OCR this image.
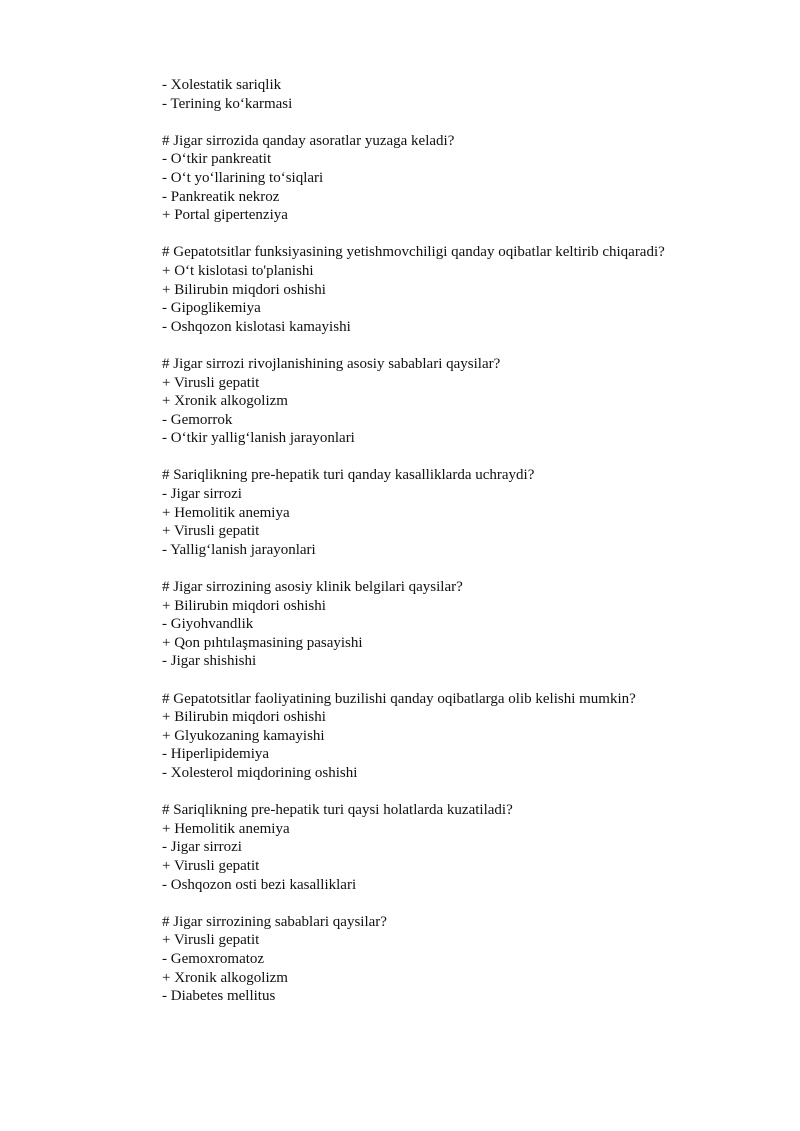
- Xolestatik sariqlik
- Terining ko‘karmasi
# Jigar sirrozida qanday asoratlar yuzaga keladi?
- O‘tkir pankreatit
- O‘t yo‘llarining to‘siqlari
- Pankreatik nekroz
+ Portal gipertenziya
# Gepatotsitlar funksiyasining yetishmovchiligi qanday oqibatlar keltirib chiqaradi?
+ O‘t kislotasi to'planishi
+ Bilirubin miqdori oshishi
- Gipoglikemiya
- Oshqozon kislotasi kamayishi
# Jigar sirrozi rivojlanishining asosiy sabablari qaysilar?
+ Virusli gepatit
+ Xronik alkogolizm
- Gemorrok
- O‘tkir yallig‘lanish jarayonlari
# Sariqlikning pre-hepatik turi qanday kasalliklarda uchraydi?
- Jigar sirrozi
+ Hemolitik anemiya
+ Virusli gepatit
- Yallig‘lanish jarayonlari
# Jigar sirrozining asosiy klinik belgilari qaysilar?
+ Bilirubin miqdori oshishi
- Giyohvandlik
+ Qon pıhtılaşmasining pasayishi
- Jigar shishishi
# Gepatotsitlar faoliyatining buzilishi qanday oqibatlarga olib kelishi mumkin?
+ Bilirubin miqdori oshishi
+ Glyukozaning kamayishi
- Hiperlipidemiya
- Xolesterol miqdorining oshishi
# Sariqlikning pre-hepatik turi qaysi holatlarda kuzatiladi?
+ Hemolitik anemiya
- Jigar sirrozi
+ Virusli gepatit
- Oshqozon osti bezi kasalliklari
# Jigar sirrozining sabablari qaysilar?
+ Virusli gepatit
- Gemoxromatoz
+ Xronik alkogolizm
- Diabetes mellitus
